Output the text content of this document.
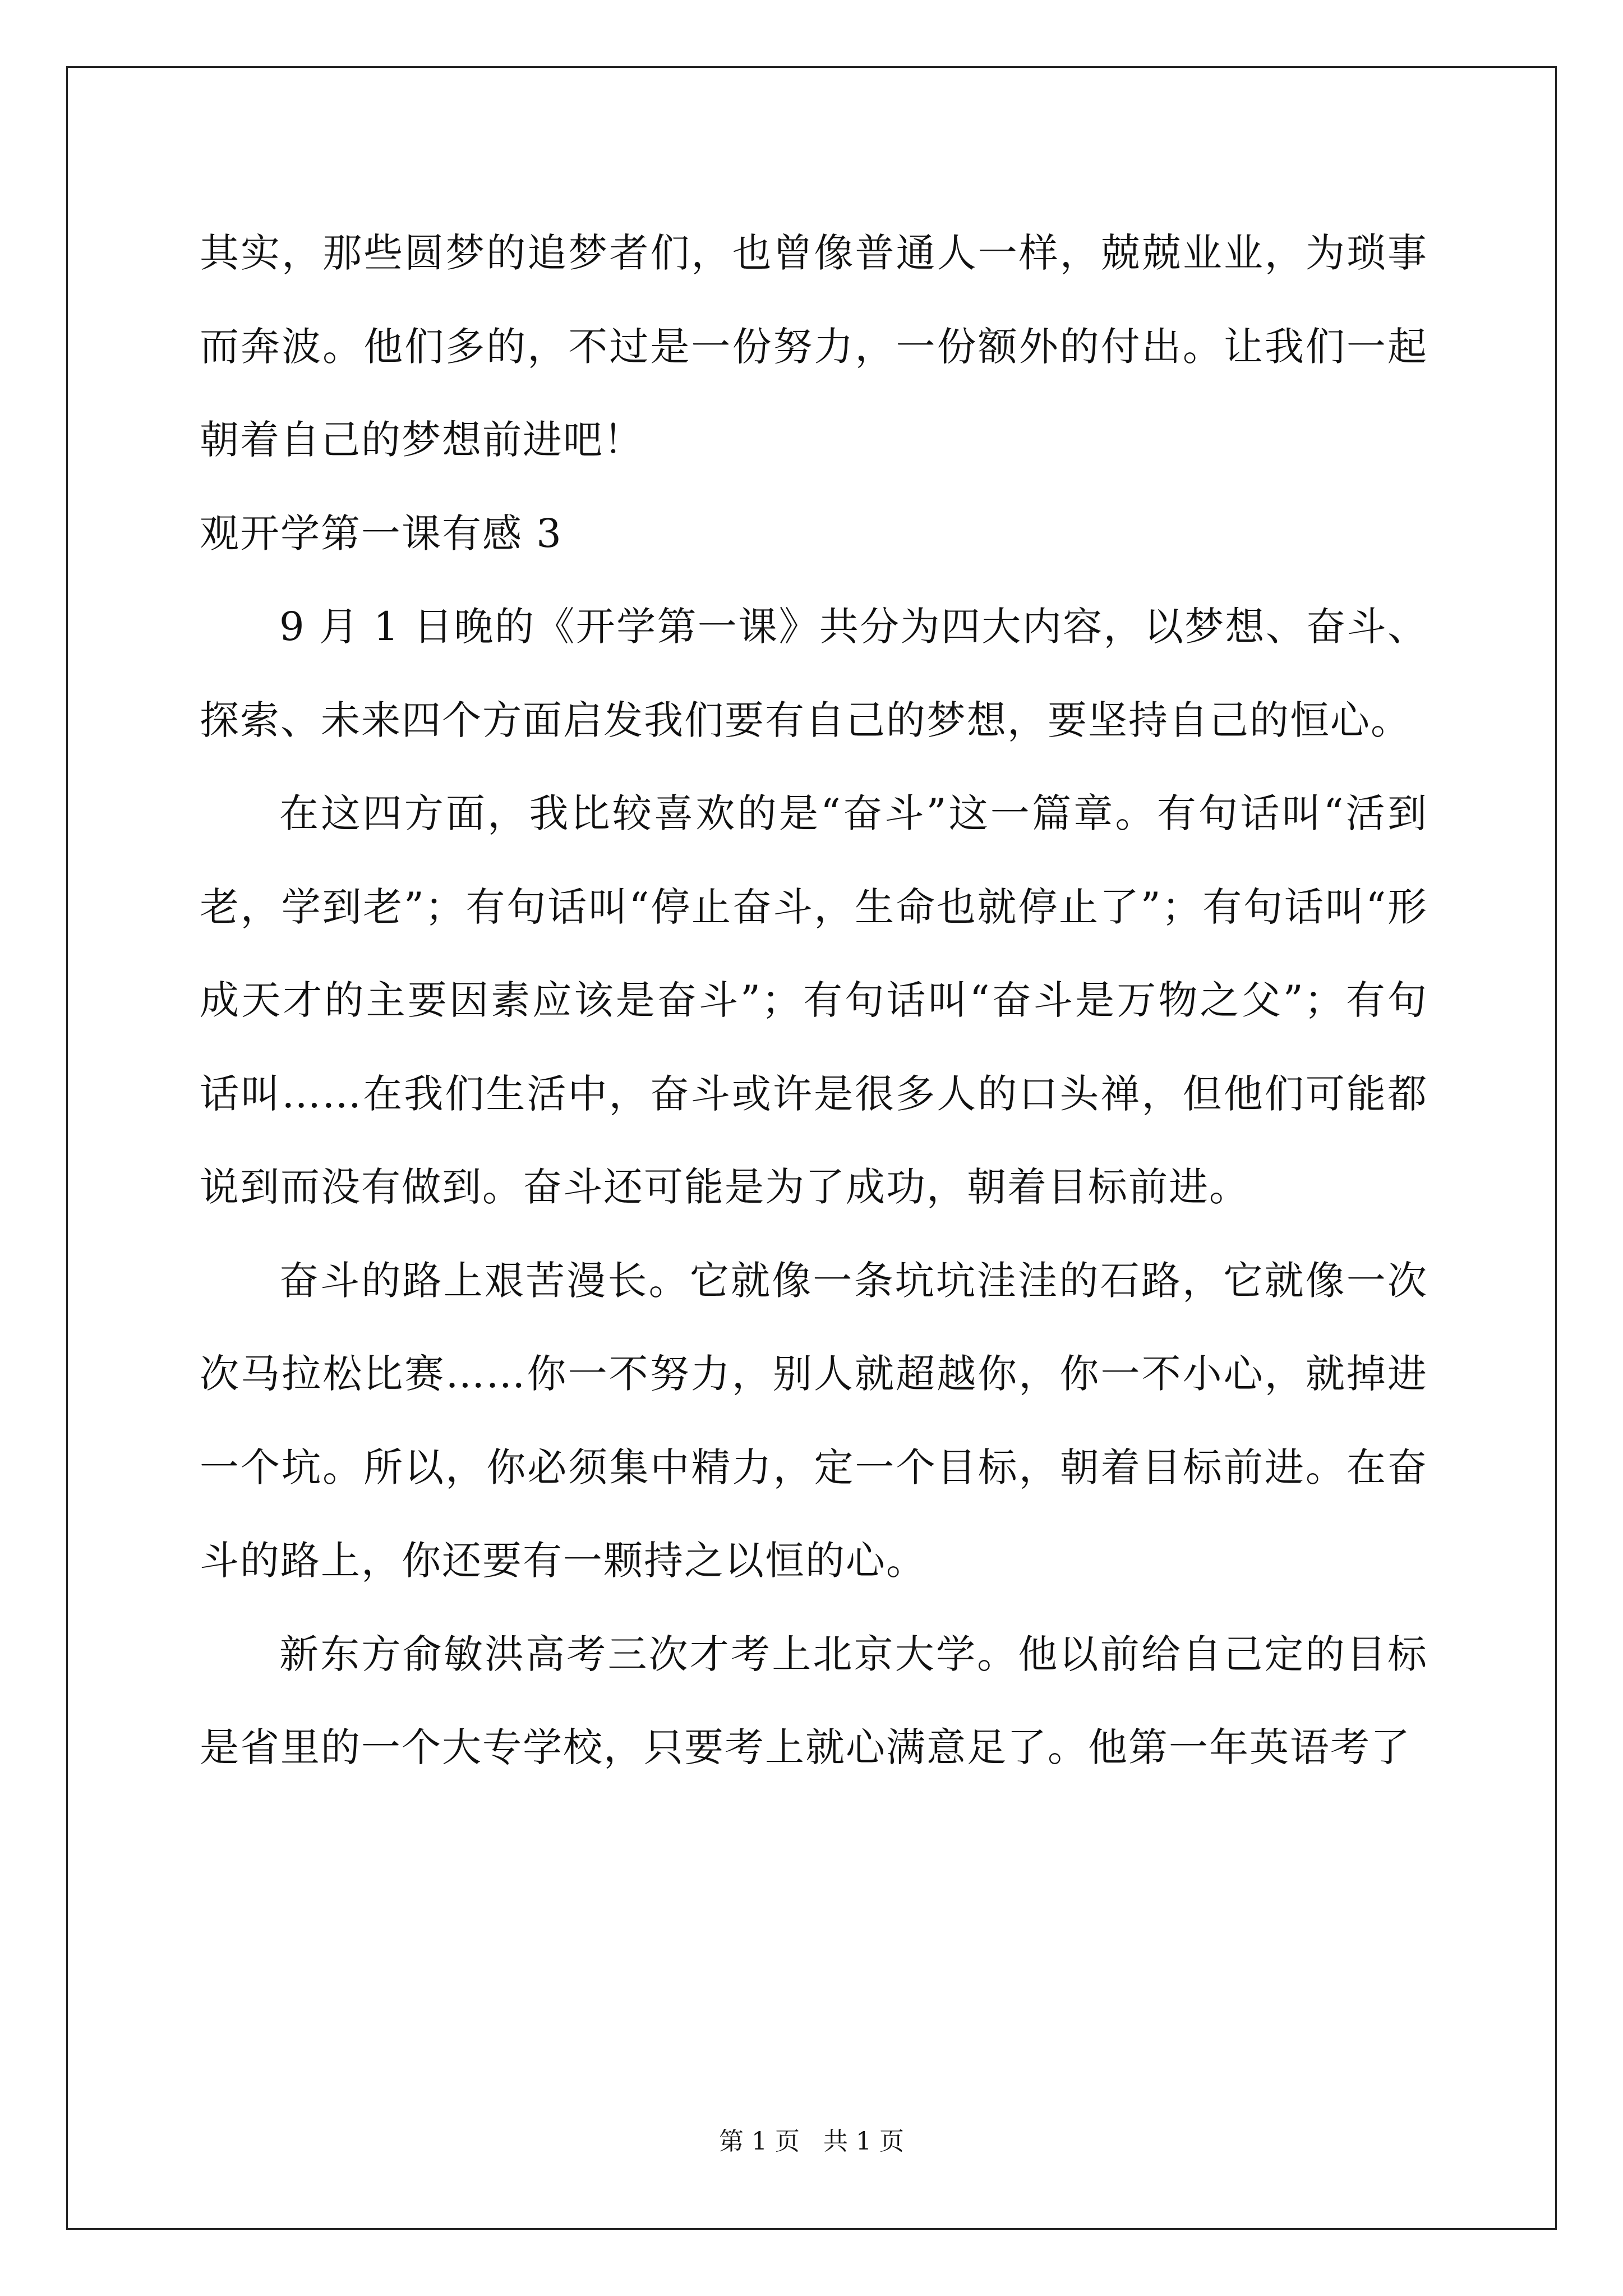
其实，那些圆梦的追梦者们，也曾像普通人一样，兢兢业业，为琐事而奔波。他们多的，不过是一份努力，一份额外的付出。让我们一起朝着自己的梦想前进吧！

观开学第一课有感 3

9 月 1 日晚的《开学第一课》共分为四大内容，以梦想、奋斗、探索、未来四个方面启发我们要有自己的梦想，要坚持自己的恒心。

在这四方面，我比较喜欢的是“奋斗”这一篇章。有句话叫“活到老，学到老”；有句话叫“停止奋斗，生命也就停止了”；有句话叫“形成天才的主要因素应该是奋斗”；有句话叫“奋斗是万物之父”；有句话叫……在我们生活中，奋斗或许是很多人的口头禅，但他们可能都说到而没有做到。奋斗还可能是为了成功，朝着目标前进。

奋斗的路上艰苦漫长。它就像一条坑坑洼洼的石路，它就像一次次马拉松比赛……你一不努力，别人就超越你，你一不小心，就掉进一个坑。所以，你必须集中精力，定一个目标，朝着目标前进。在奋斗的路上，你还要有一颗持之以恒的心。

新东方俞敏洪高考三次才考上北京大学。他以前给自己定的目标是省里的一个大专学校，只要考上就心满意足了。他第一年英语考了

第 1 页   共 1 页
